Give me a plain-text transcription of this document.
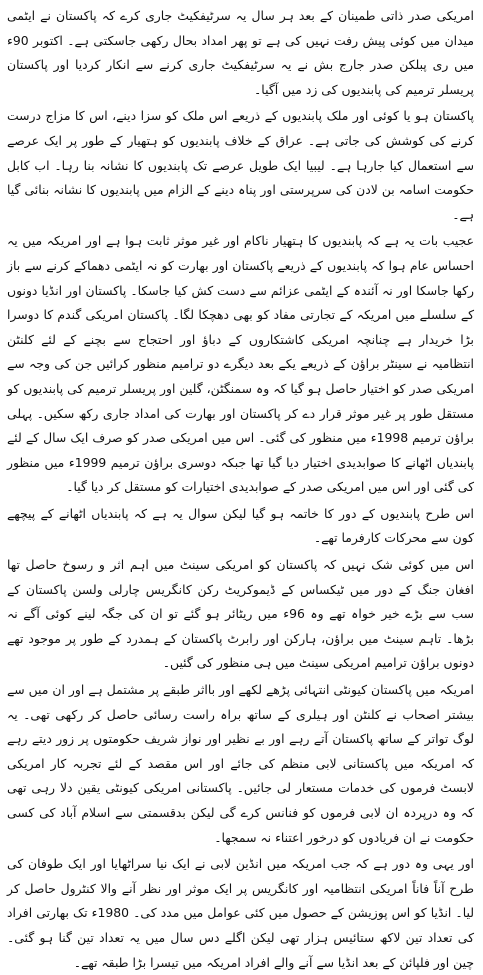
امریکی صدر ذاتی طمینان کے بعد ہر سال یہ سرٹیفکیٹ جاری کرے کہ پاکستان نے ایٹمی میدان میں کوئی پیش رفت نہیں کی ہے تو پھر امداد بحال رکھی جاسکتی ہے۔ اکتوبر 90ء میں ری پبلکن صدر جارج بش نے یہ سرٹیفکیٹ جاری کرنے سے انکار کردیا اور پاکستان پریسلر ترمیم کی پابندیوں کی زد میں آگیا۔

پاکستان ہو یا کوئی اور ملک پابندیوں کے ذریعے اس ملک کو سزا دینے، اس کا مزاج درست کرنے کی کوشش کی جاتی ہے۔ عراق کے خلاف پابندیوں کو ہتھیار کے طور پر ایک عرصے سے استعمال کیا جارہا ہے۔ لیبیا ایک طویل عرصے تک پابندیوں کا نشانہ بنا رہا۔ اب کابل حکومت اسامہ بن لادن کی سرپرستی اور پناہ دینے کے الزام میں پابندیوں کا نشانہ بنائی گیا ہے۔

عجیب بات یہ ہے کہ پابندیوں کا ہتھیار ناکام اور غیر موثر ثابت ہوا ہے اور امریکہ میں یہ احساس عام ہوا کہ پابندیوں کے ذریعے پاکستان اور بھارت کو نہ ایٹمی دھماکے کرنے سے باز رکھا جاسکا اور نہ آئندہ کے ایٹمی عزائم سے دست کش کیا جاسکا۔ پاکستان اور انڈیا دونوں کے سلسلے میں امریکہ کے تجارتی مفاد کو بھی دھچکا لگا۔ پاکستان امریکی گندم کا دوسرا بڑا خریدار ہے چنانچہ امریکی کاشتکاروں کے دباؤ اور احتجاج سے بچنے کے لئے کلنٹن انتظامیہ نے سینٹر براؤن کے ذریعے یکے بعد دیگرے دو ترامیم منظور کرائیں جن کی وجہ سے امریکی صدر کو اختیار حاصل ہو گیا کہ وہ سمنگٹن، گلین اور پریسلر ترمیم کی پابندیوں کو مستقل طور پر غیر موثر قرار دے کر پاکستان اور بھارت کی امداد جاری رکھ سکیں۔ پہلی براؤن ترمیم 1998ء میں منظور کی گئی۔ اس میں امریکی صدر کو صرف ایک سال کے لئے پابندیاں اٹھانے کا صوابدیدی اختیار دیا گیا تھا جبکہ دوسری براؤن ترمیم 1999ء میں منظور کی گئی اور اس میں امریکی صدر کے صوابدیدی اختیارات کو مستقل کر دیا گیا۔

اس طرح پابندیوں کے دور کا خاتمہ ہو گیا لیکن سوال یہ ہے کہ پابندیاں اٹھانے کے پیچھے کون سے محرکات کارفرما تھے۔

اس میں کوئی شک نہیں کہ پاکستان کو امریکی سینٹ میں اہم اثر و رسوخ حاصل تھا افغان جنگ کے دور میں ٹیکساس کے ڈیموکریٹ رکن کانگریس چارلی ولسن پاکستان کے سب سے بڑے خیر خواہ تھے وہ 96ء میں ریٹائر ہو گئے تو ان کی جگہ لینے کوئی آگے نہ بڑھا۔ تاہم سینٹ میں براؤن، ہارکن اور رابرٹ پاکستان کے ہمدرد کے طور پر موجود تھے دونوں براؤن ترامیم امریکی سینٹ میں ہی منظور کی گئیں۔

امریکہ میں پاکستان کیونٹی انتہائی پڑھے لکھے اور بااثر طبقے پر مشتمل ہے اور ان میں سے بیشتر اصحاب نے کلنٹن اور ہیلری کے ساتھ براہ راست رسائی حاصل کر رکھی تھی۔ یہ لوگ تواتر کے ساتھ پاکستان آتے رہے اور بے نظیر اور نواز شریف حکومتوں پر زور دیتے رہے کہ امریکہ میں پاکستانی لابی منظم کی جائے اور اس مقصد کے لئے تجربہ کار امریکی لابسٹ فرموں کی خدمات مستعار لی جائیں۔ پاکستانی امریکی کیونٹی یقین دلا رہی تھی کہ وہ درپردہ ان لابی فرموں کو فنانس کرے گی لیکن بدقسمتی سے اسلام آباد کی کسی حکومت نے ان فریادوں کو درخور اعتناء نہ سمجھا۔

اور یہی وہ دور ہے کہ جب امریکہ میں انڈین لابی نے ایک نیا سراٹھایا اور ایک طوفان کی طرح آناً فاناً امریکی انتظامیہ اور کانگریس پر ایک موثر اور نظر آنے والا کنٹرول حاصل کر لیا۔ انڈیا کو اس پوزیشن کے حصول میں کئی عوامل میں مدد کی۔ 1980ء تک بھارتی افراد کی تعداد تین لاکھ ستائیس ہزار تھی لیکن اگلے دس سال میں یہ تعداد تین گنا ہو گئی۔ چین اور فلپائن کے بعد انڈیا سے آنے والے افراد امریکہ میں تیسرا بڑا طبقہ تھے۔
